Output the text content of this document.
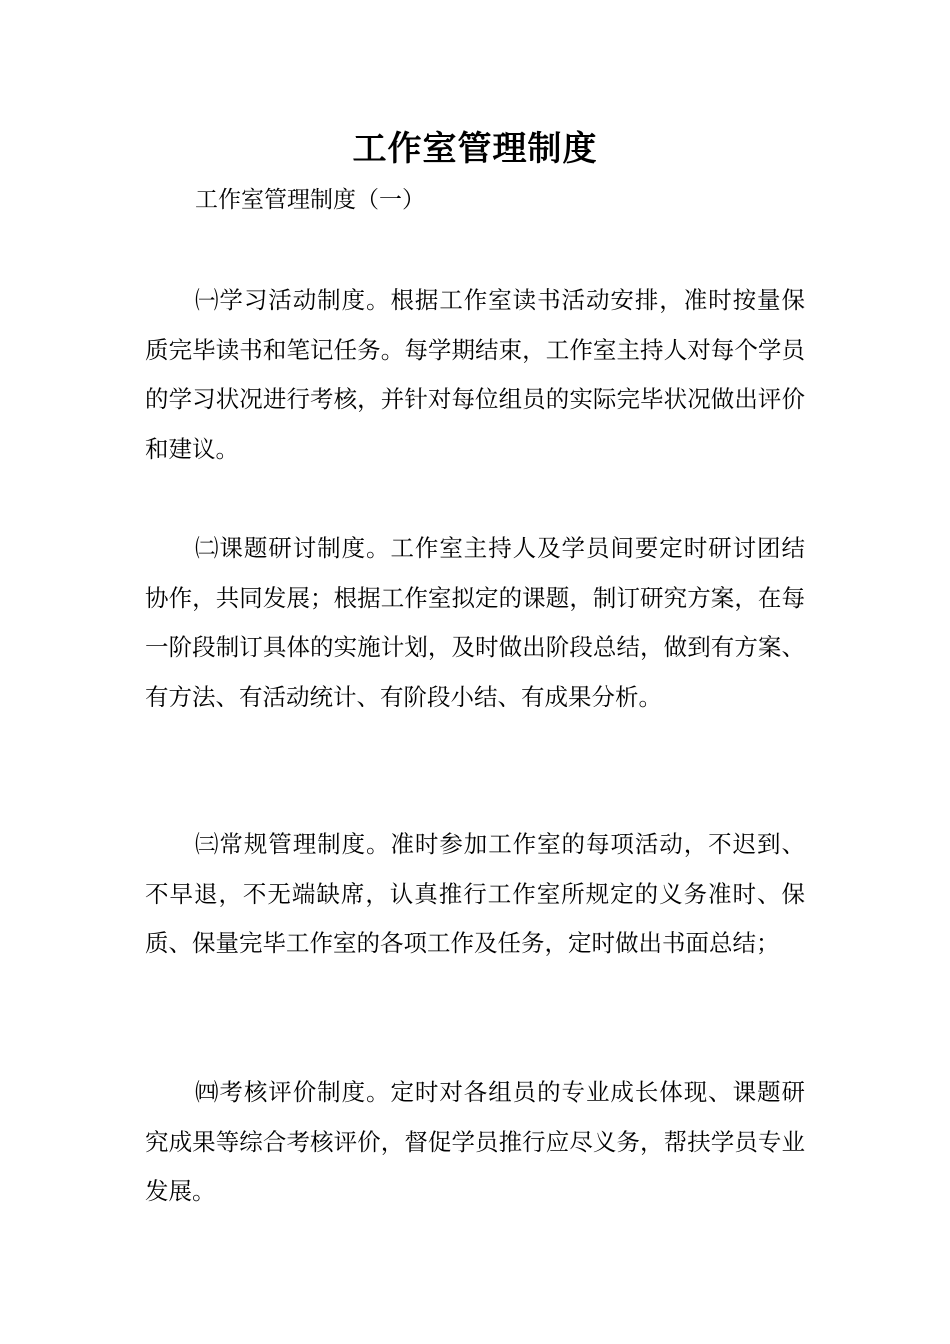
工作室管理制度

工作室管理制度（一）

㈠学习活动制度。根据工作室读书活动安排，准时按量保质完毕读书和笔记任务。每学期结束，工作室主持人对每个学员的学习状况进行考核，并针对每位组员的实际完毕状况做出评价和建议。

㈡课题研讨制度。工作室主持人及学员间要定时研讨团结协作，共同发展；根据工作室拟定的课题，制订研究方案，在每一阶段制订具体的实施计划，及时做出阶段总结，做到有方案、有方法、有活动统计、有阶段小结、有成果分析。

㈢常规管理制度。准时参加工作室的每项活动，不迟到、不早退，不无端缺席，认真推行工作室所规定的义务准时、保质、保量完毕工作室的各项工作及任务，定时做出书面总结；

㈣考核评价制度。定时对各组员的专业成长体现、课题研究成果等综合考核评价，督促学员推行应尽义务，帮扶学员专业发展。
